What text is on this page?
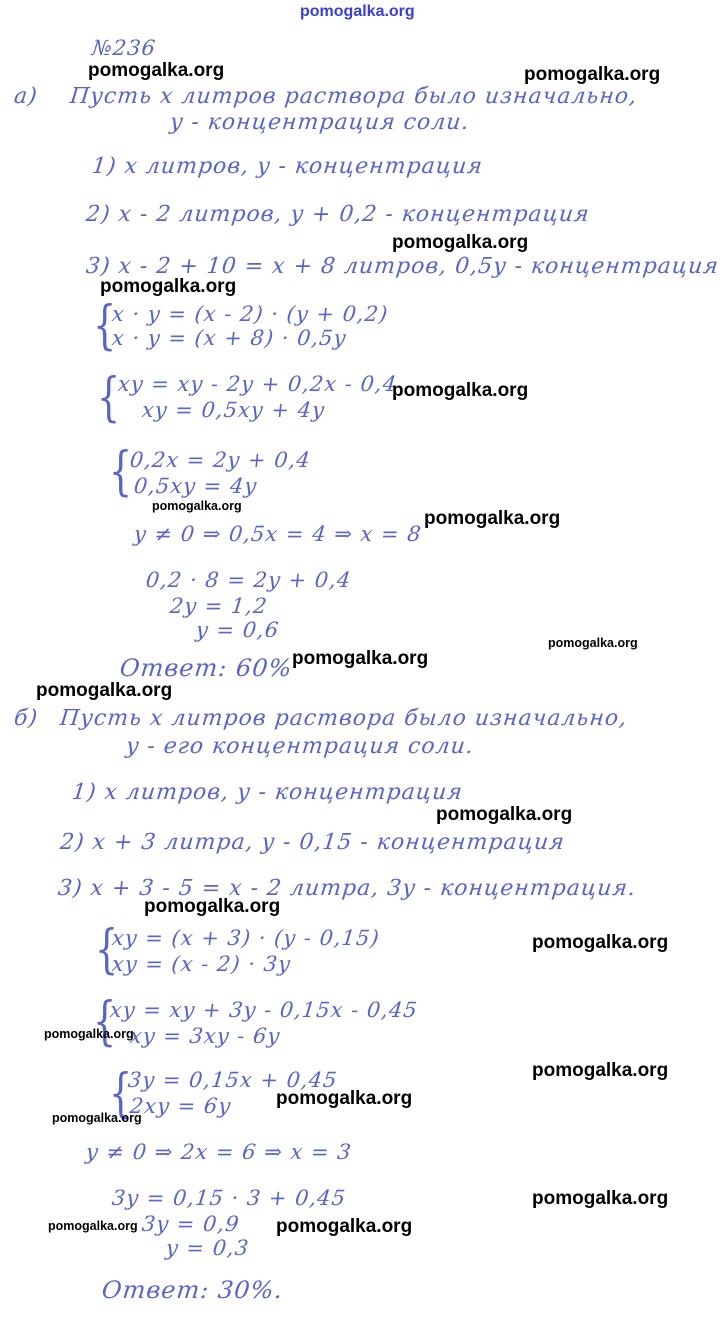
pomogalka.org
№236
а) Пусть x литров раствора было изначально,
y - концентрация соли.
1) x литров, y - концентрация
2) x - 2 литров, y + 0,2 - концентрация
3) x - 2 + 10 = x + 8 литров, 0,5y - концентрация
{
x · y = (x - 2) · (y + 0,2)
x · y = (x + 8) · 0,5y
{
xy = xy - 2y + 0,2x - 0,4
xy = 0,5xy + 4y
{
0,2x = 2y + 0,4
0,5xy = 4y
y ≠ 0 ⇒ 0,5x = 4 ⇒ x = 8
0,2 · 8 = 2y + 0,4
2y = 1,2
y = 0,6
Ответ: 60%
б) Пусть x литров раствора было изначально,
y - его концентрация соли.
1) x литров, y - концентрация
2) x + 3 литра, y - 0,15 - концентрация
3) x + 3 - 5 = x - 2 литра, 3y - концентрация.
{
xy = (x + 3) · (y - 0,15)
xy = (x - 2) · 3y
{
xy = xy + 3y - 0,15x - 0,45
xy = 3xy - 6y
{
3y = 0,15x + 0,45
2xy = 6y
y ≠ 0 ⇒ 2x = 6 ⇒ x = 3
3y = 0,15 · 3 + 0,45
3y = 0,9
y = 0,3
Ответ: 30%.
pomogalka.org	pomogalka.org
pomogalka.org
pomogalka.org
pomogalka.org
pomogalka.org
pomogalka.org
pomogalka.org
pomogalka.org
pomogalka.org
pomogalka.org
pomogalka.org
pomogalka.org
pomogalka.org
pomogalka.org
pomogalka.org
pomogalka.org
pomogalka.org
pomogalka.org	pomogalka.org
